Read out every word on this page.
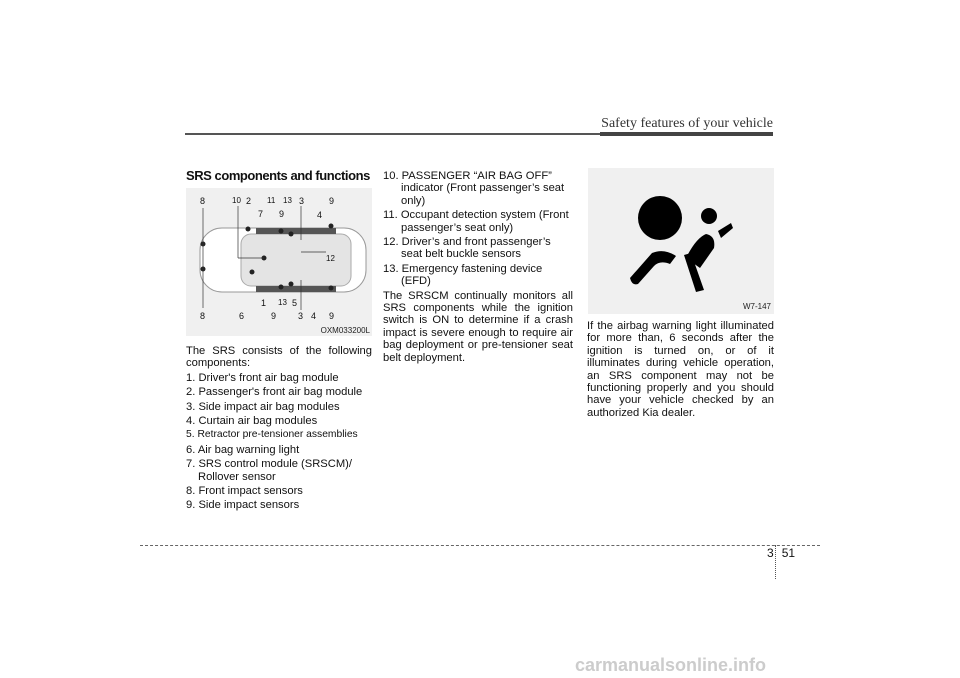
Safety features of your vehicle
SRS components and functions

The SRS consists of the following components:

1. Driver's front air bag module
2. Passenger's front air bag module
3. Side impact air bag modules
4. Curtain air bag modules
5. Retractor pre-tensioner assemblies
6. Air bag warning light
7. SRS control module (SRSCM)/ Rollover sensor
8. Front impact sensors
9. Side impact sensors
8	10 2
7
11
9
13 3	9
4
12
8	6
1
9
13 5
3 4 9
OXM033200L
10. PASSENGER “AIR BAG OFF” indicator (Front passenger’s seat only)
11. Occupant detection system (Front passenger’s seat only)
12. Driver’s and front passenger’s seat belt buckle sensors
13. Emergency fastening device (EFD)

The SRSCM continually monitors all SRS components while the ignition switch is ON to determine if a crash impact is severe enough to require air bag deployment or pre-tensioner seat belt deployment.

W7-147

If the airbag warning light illuminated for more than, 6 seconds after the ignition is turned on, or of it illuminates during vehicle operation, an SRS component may not be functioning properly and you should have your vehicle checked by an authorized Kia dealer.

3 51
carmanualsonline.info
